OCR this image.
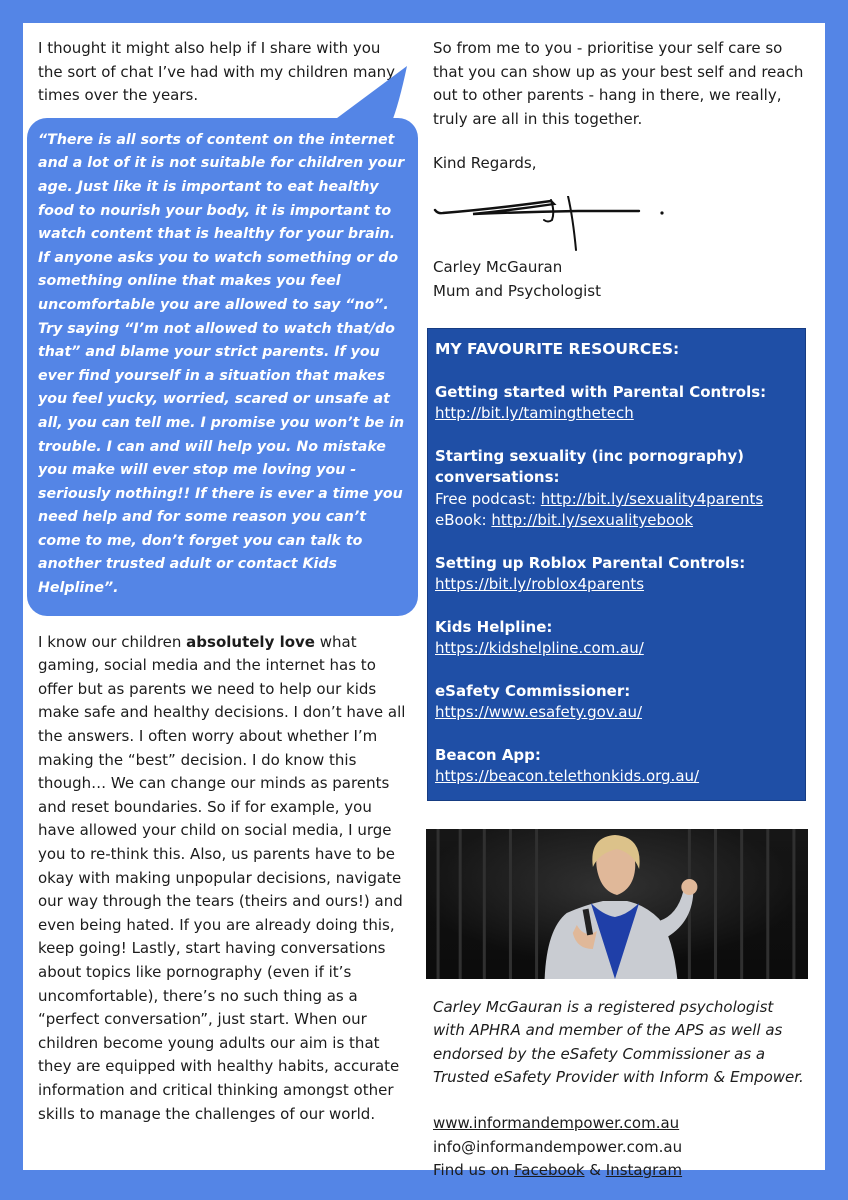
I thought it might also help if I share with you the sort of chat I’ve had with my children many times over the years.

“There is all sorts of content on the internet and a lot of it is not suitable for children your age. Just like it is important to eat healthy food to nourish your body, it is important to watch content that is healthy for your brain. If anyone asks you to watch something or do something online that makes you feel uncomfortable you are allowed to say “no”. Try saying “I’m not allowed to watch that/do that” and blame your strict parents. If you ever find yourself in a situation that makes you feel yucky, worried, scared or unsafe at all, you can tell me. I promise you won’t be in trouble. I can and will help you. No mistake you make will ever stop me loving you - seriously nothing!! If there is ever a time you need help and for some reason you can’t come to me, don’t forget you can talk to another trusted adult or contact Kids Helpline”.

I know our children absolutely love what gaming, social media and the internet has to offer but as parents we need to help our kids make safe and healthy decisions. I don’t have all the answers. I often worry about whether I’m making the “best” decision. I do know this though… We can change our minds as parents and reset boundaries. So if for example, you have allowed your child on social media, I urge you to re-think this. Also, us parents have to be okay with making unpopular decisions, navigate our way through the tears (theirs and ours!) and even being hated. If you are already doing this, keep going! Lastly, start having conversations about topics like pornography (even if it’s uncomfortable), there’s no such thing as a “perfect conversation”, just start. When our children become young adults our aim is that they are equipped with healthy habits, accurate information and critical thinking amongst other skills to manage the challenges of our world.

So from me to you - prioritise your self care so that you can show up as your best self and reach out to other parents - hang in there, we really, truly are all in this together.

Kind Regards,

Carley McGauran

Mum and Psychologist

MY FAVOURITE RESOURCES:
Getting started with Parental Controls:
http://bit.ly/tamingthetech
Starting sexuality (inc pornography) conversations:
Free podcast: http://bit.ly/sexuality4parents
eBook: http://bit.ly/sexualityebook
Setting up Roblox Parental Controls:
https://bit.ly/roblox4parents
Kids Helpline:
https://kidshelpline.com.au/
eSafety Commissioner:
https://www.esafety.gov.au/
Beacon App:
https://beacon.telethonkids.org.au/

Carley McGauran is a registered psychologist with APHRA and member of the APS as well as endorsed by the eSafety Commissioner as a Trusted eSafety Provider with Inform & Empower.

www.informandempower.com.au
info@informandempower.com.au
Find us on Facebook & Instagram
